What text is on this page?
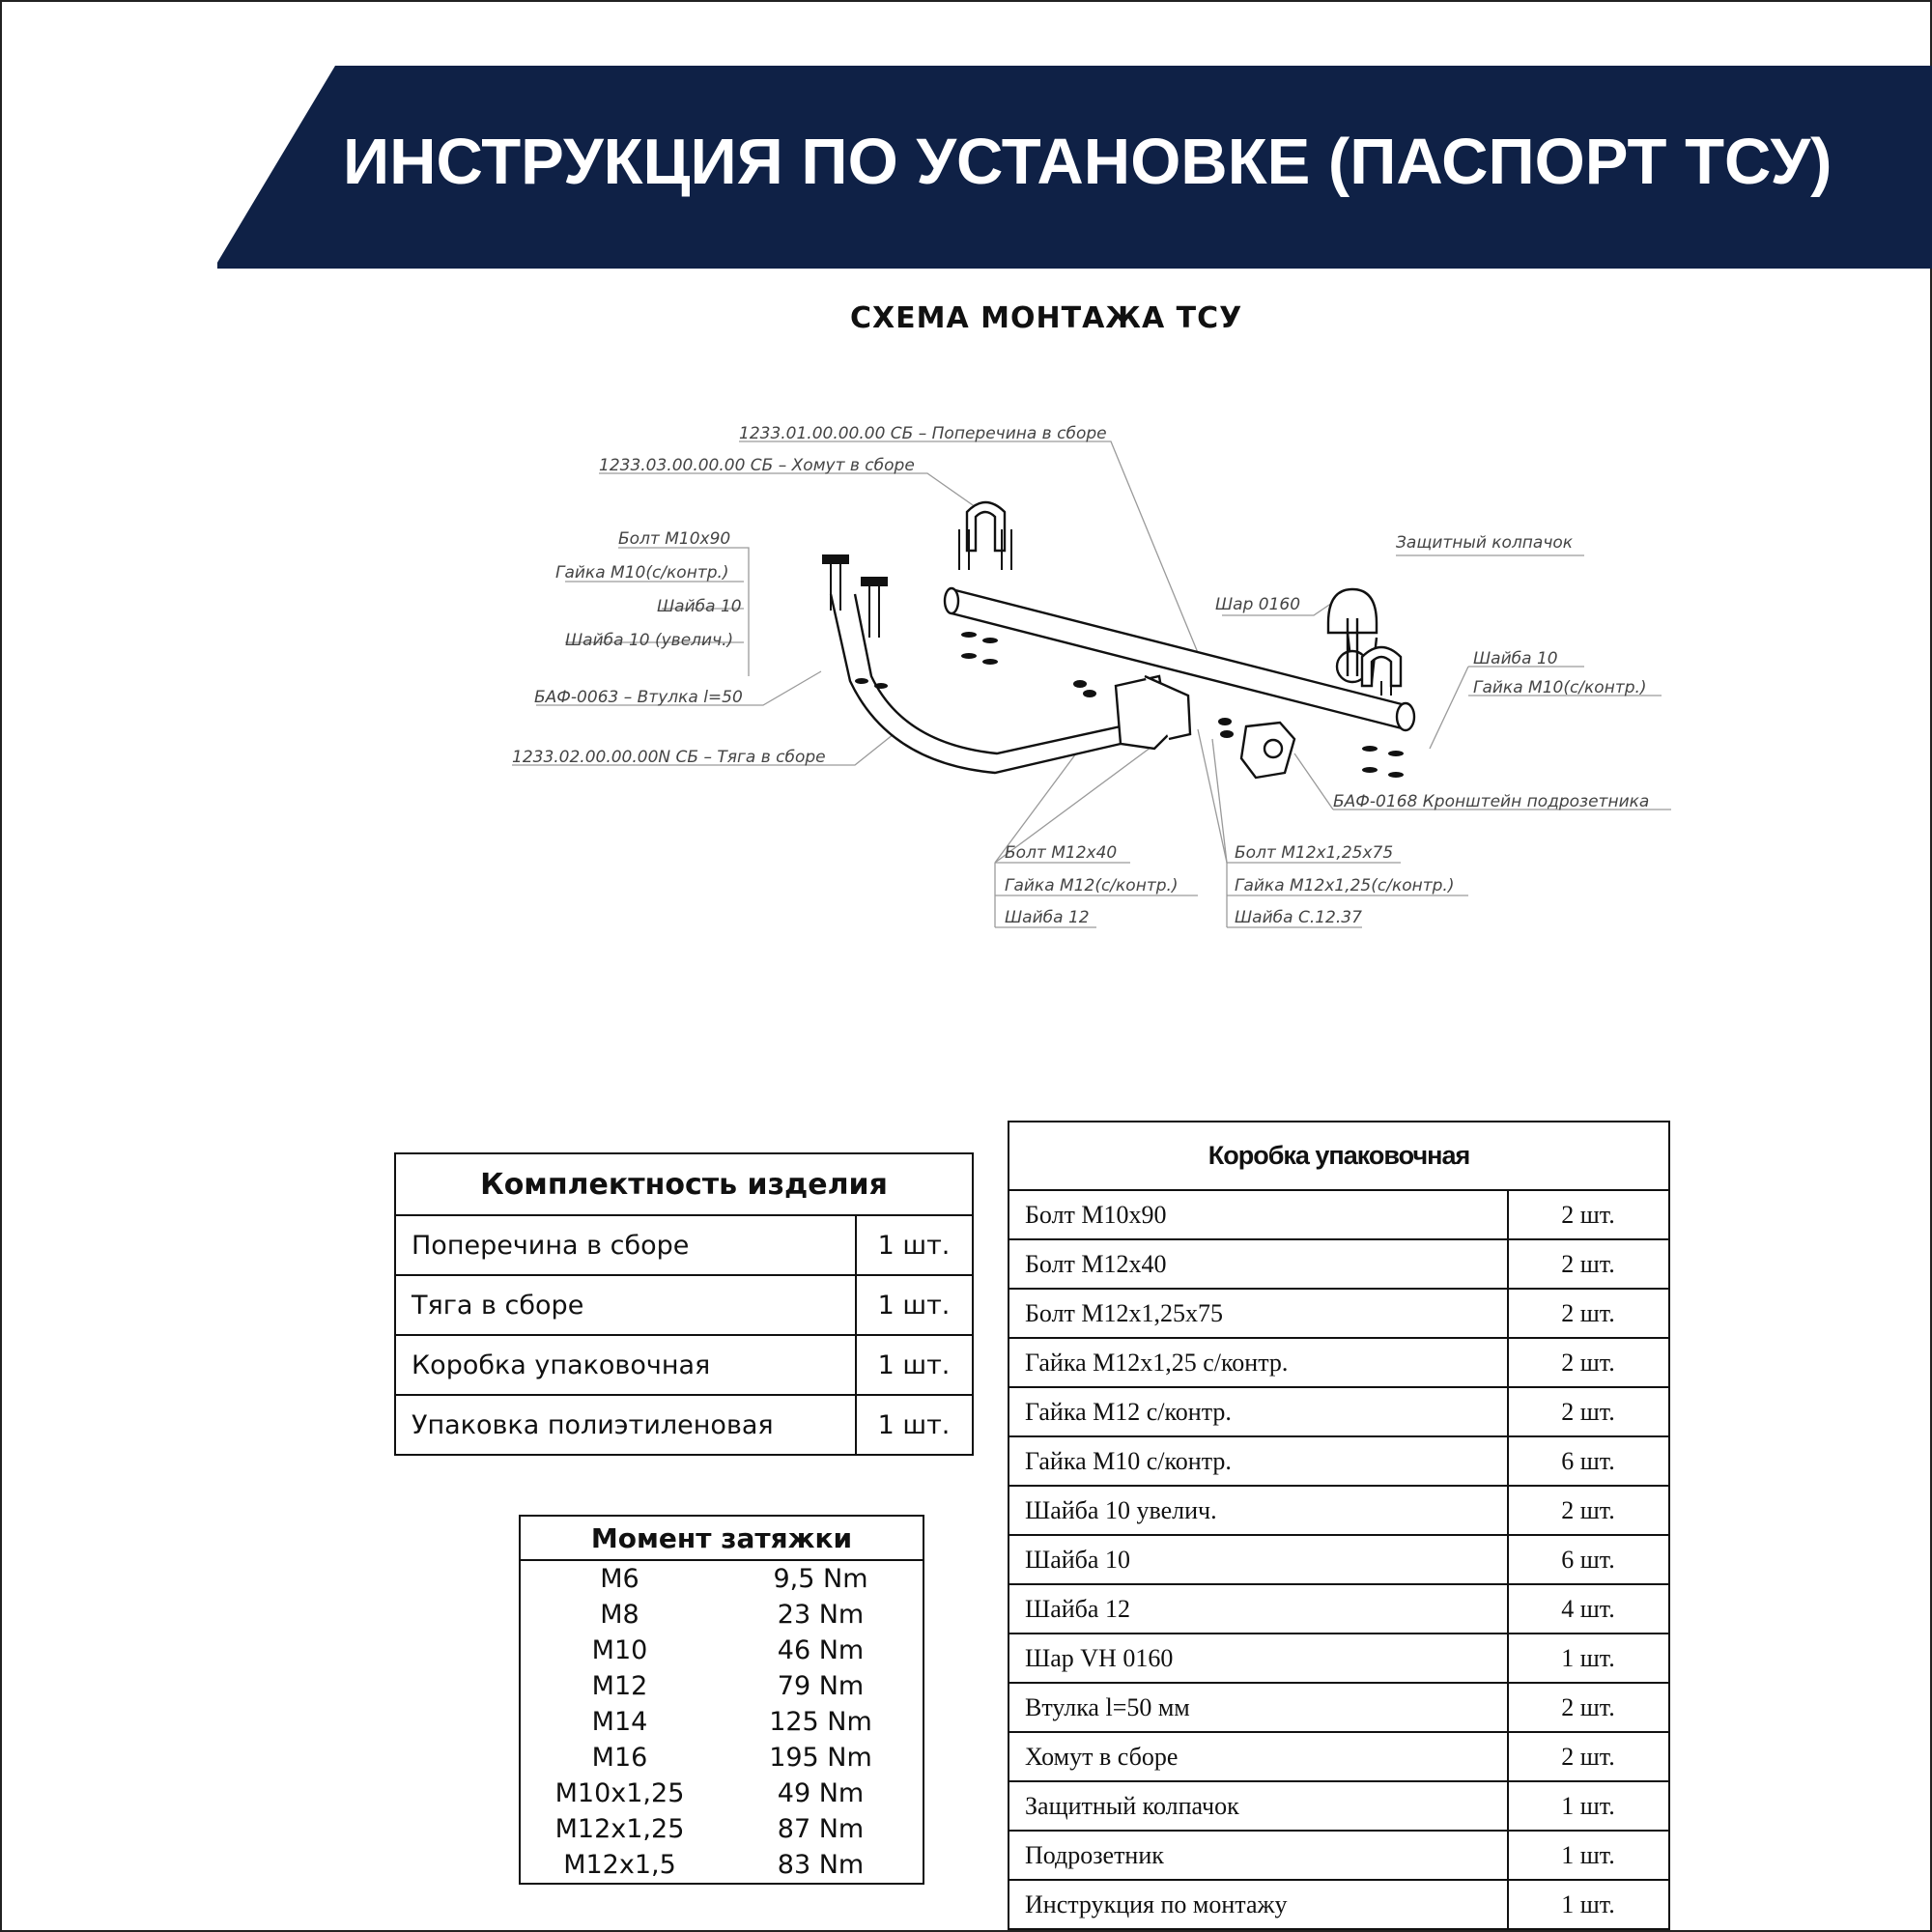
ИНСТРУКЦИЯ ПО УСТАНОВКЕ (ПАСПОРТ ТСУ)
СХЕМА МОНТАЖА ТСУ
1233.01.00.00.00 СБ – Поперечина в сборе
1233.03.00.00.00 СБ – Хомут в сборе
Болт М10х90
Гайка М10(с/контр.)
Шайба 10
Шайба 10 (увелич.)
БАФ-0063 – Втулка l=50
1233.02.00.00.00N СБ – Тяга в сборе
Защитный колпачок
Шар 0160
Шайба 10
Гайка М10(с/контр.)
БАФ-0168 Кронштейн подрозетника
Болт М12х40
Гайка М12(с/контр.)
Шайба 12
Болт М12х1,25х75
Гайка М12х1,25(с/контр.)
Шайба С.12.37
Комплектность изделия	
Поперечина в сборе	1 шт.
Тяга в сборе	1 шт.
Коробка упаковочная	1 шт.
Упаковка полиэтиленовая	1 шт.
Момент затяжки	
M6	9,5 Nm
M8	23 Nm
M10	46 Nm
M12	79 Nm
M14	125 Nm
M16	195 Nm
M10x1,25	49 Nm
M12x1,25	87 Nm
M12x1,5	83 Nm
Коробка упаковочная	
Болт М10х90	2 шт.
Болт М12х40	2 шт.
Болт М12х1,25х75	2 шт.
Гайка М12х1,25 с/контр.	2 шт.
Гайка М12 с/контр.	2 шт.
Гайка М10 с/контр.	6 шт.
Шайба 10 увелич.	2 шт.
Шайба 10	6 шт.
Шайба 12	4 шт.
Шар VH 0160	1 шт.
Втулка l=50 мм	2 шт.
Хомут в сборе	2 шт.
Защитный колпачок	1 шт.
Подрозетник	1 шт.
Инструкция по монтажу	1 шт.
